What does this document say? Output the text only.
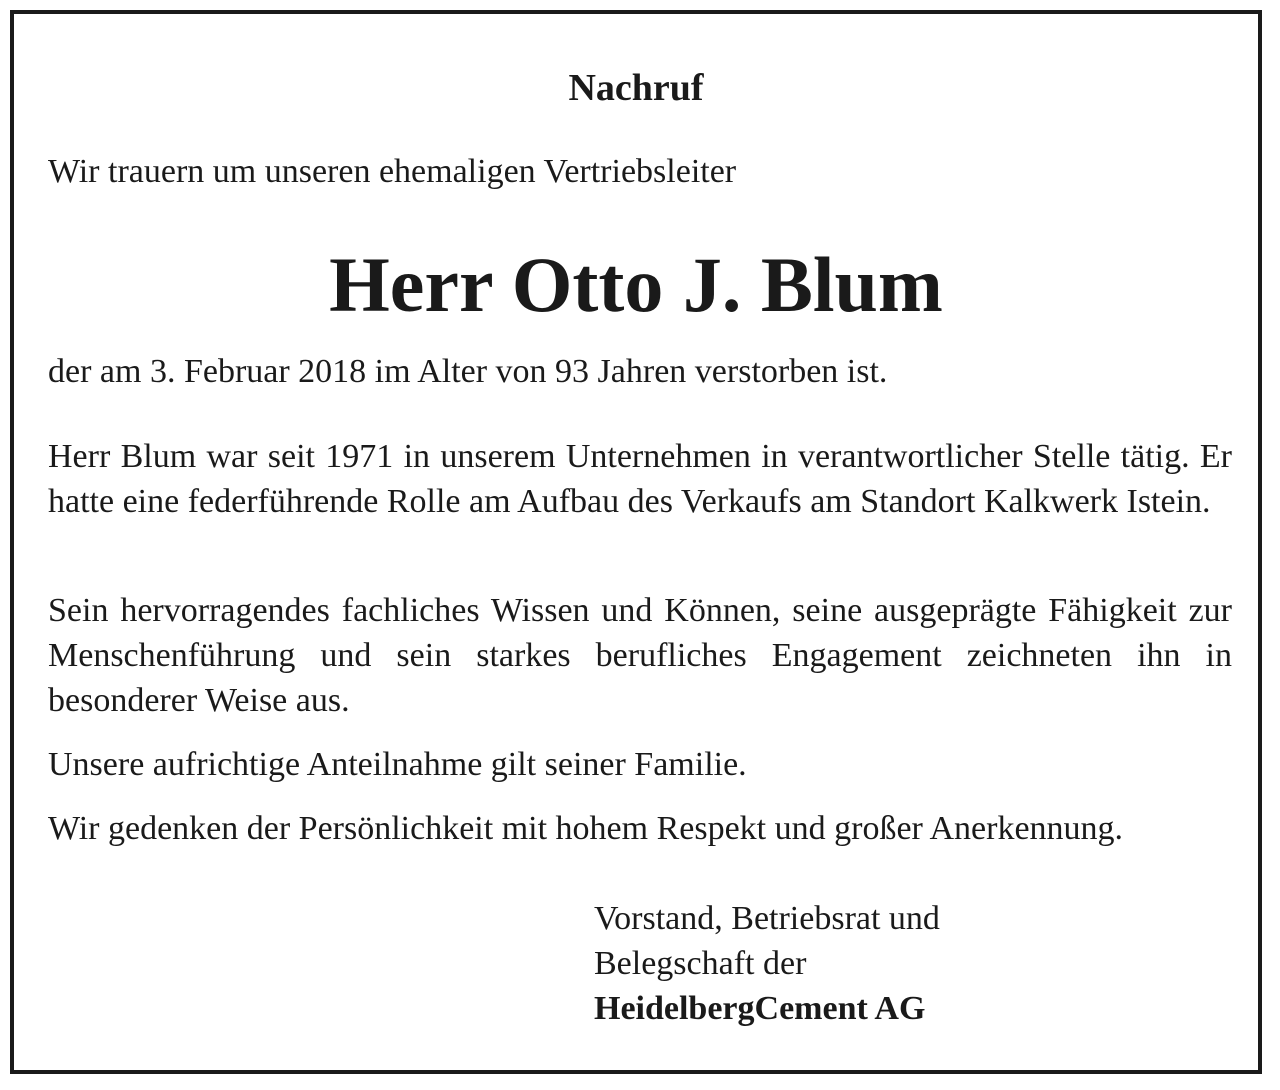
Nachruf

Wir trauern um unseren ehemaligen Vertriebsleiter

Herr Otto J. Blum

der am 3. Februar 2018 im Alter von 93 Jahren verstorben ist.

Herr Blum war seit 1971 in unserem Unternehmen in verantwortlicher Stelle tätig. Er hatte eine federführende Rolle am Aufbau des Verkaufs am Standort Kalkwerk Istein.

Sein hervorragendes fachliches Wissen und Können, seine ausgeprägte Fähigkeit zur Menschenführung und sein starkes berufliches Engagement zeichneten ihn in besonderer Weise aus.

Unsere aufrichtige Anteilnahme gilt seiner Familie.

Wir gedenken der Persönlichkeit mit hohem Respekt und großer Anerkennung.

Vorstand, Betriebsrat und
Belegschaft der
HeidelbergCement AG
